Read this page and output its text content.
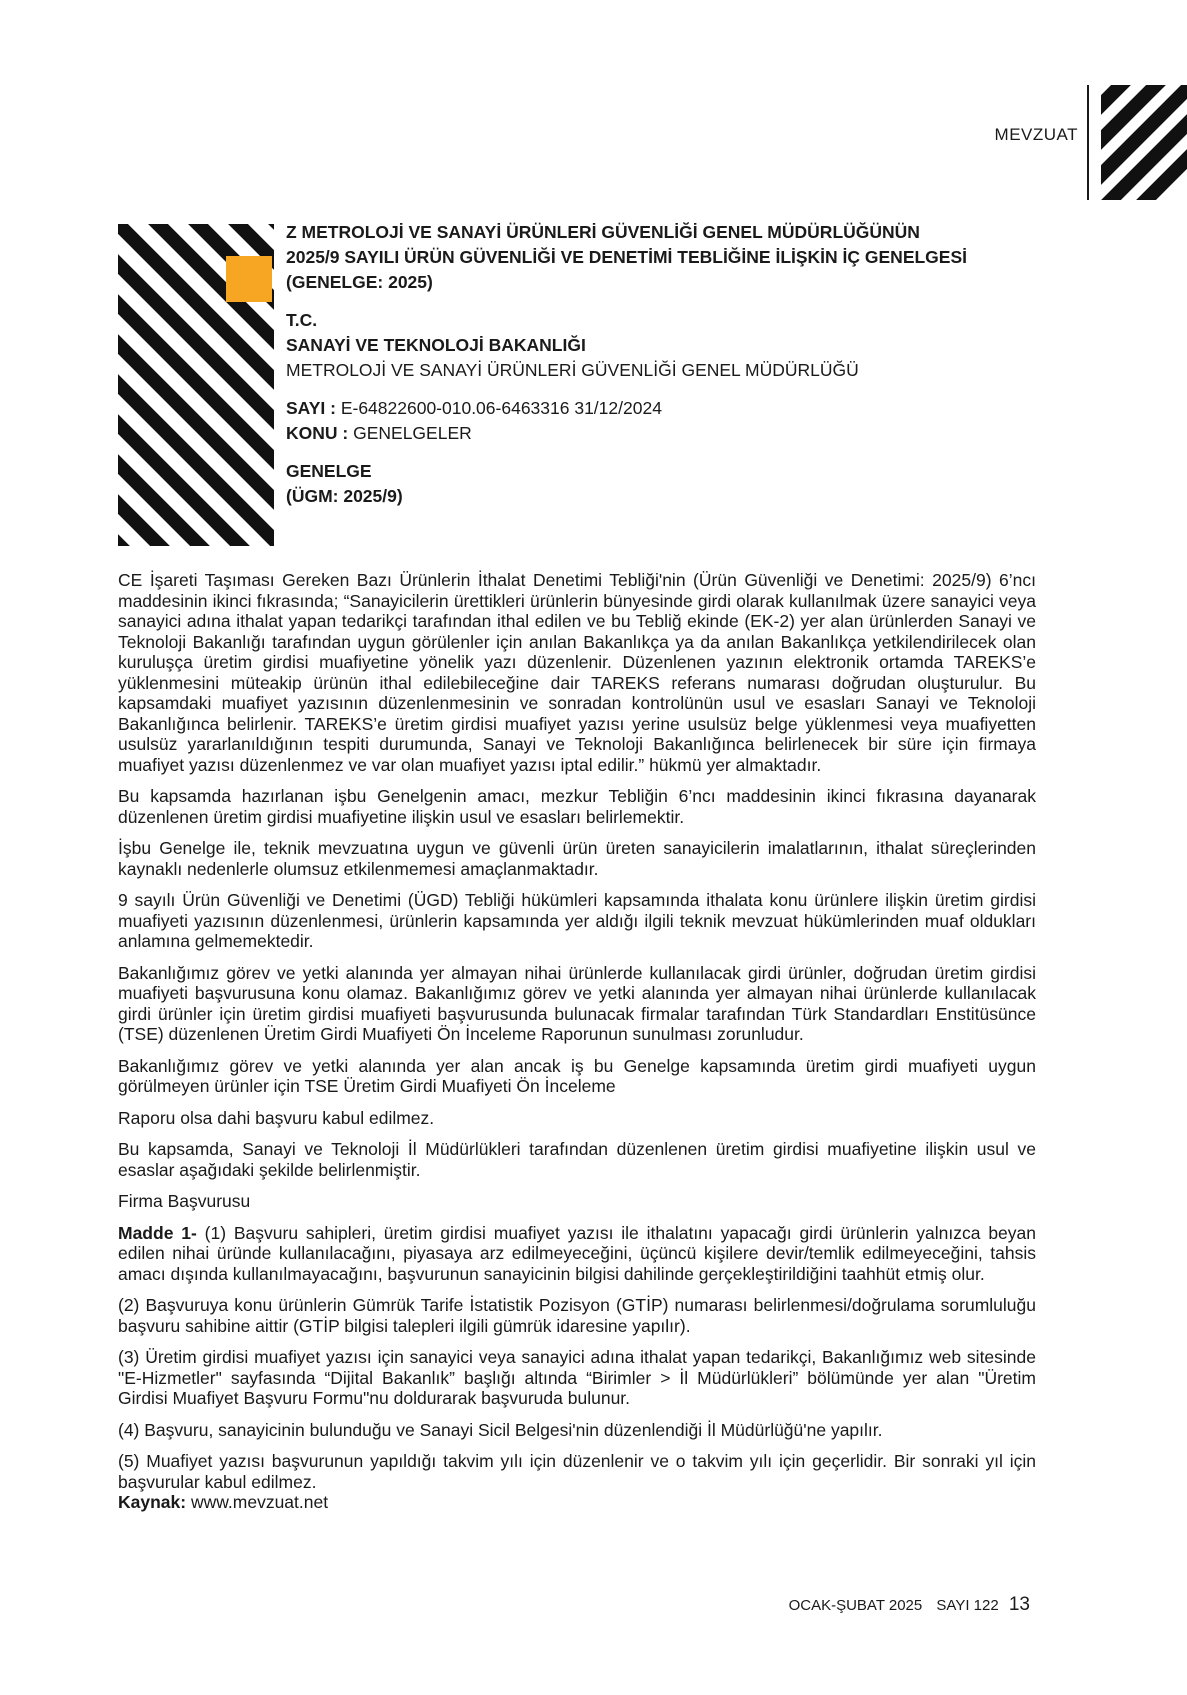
MEVZUAT

Z METROLOJİ VE SANAYİ ÜRÜNLERİ GÜVENLİĞİ GENEL MÜDÜRLÜĞÜNÜN

2025/9 SAYILI ÜRÜN GÜVENLİĞİ VE DENETİMİ TEBLİĞİNE İLİŞKİN İÇ GENELGESİ

(GENELGE: 2025)

T.C.

SANAYİ VE TEKNOLOJİ BAKANLIĞI

METROLOJİ VE SANAYİ ÜRÜNLERİ GÜVENLİĞİ GENEL MÜDÜRLÜĞÜ

SAYI : E-64822600-010.06-6463316 31/12/2024

KONU : GENELGELER

GENELGE

(ÜGM: 2025/9)

CE İşareti Taşıması Gereken Bazı Ürünlerin İthalat Denetimi Tebliği'nin (Ürün Güvenliği ve Denetimi: 2025/9) 6’ncı maddesinin ikinci fıkrasında; “Sanayicilerin ürettikleri ürünlerin bünyesinde girdi olarak kullanılmak üzere sanayici veya sanayici adına ithalat yapan tedarikçi tarafından ithal edilen ve bu Tebliğ ekinde (EK-2) yer alan ürünlerden Sanayi ve Teknoloji Bakanlığı tarafından uygun görülenler için anılan Bakanlıkça ya da anılan Bakanlıkça yetkilendirilecek olan kuruluşça üretim girdisi muafiyetine yönelik yazı düzenlenir. Düzenlenen yazının elektronik ortamda TAREKS’e yüklenmesini müteakip ürünün ithal edilebileceğine dair TAREKS referans numarası doğrudan oluşturulur. Bu kapsamdaki muafiyet yazısının düzenlenmesinin ve sonradan kontrolünün usul ve esasları Sanayi ve Teknoloji Bakanlığınca belirlenir. TAREKS’e üretim girdisi muafiyet yazısı yerine usulsüz belge yüklenmesi veya muafiyetten usulsüz yararlanıldığının tespiti durumunda, Sanayi ve Teknoloji Bakanlığınca belirlenecek bir süre için firmaya muafiyet yazısı düzenlenmez ve var olan muafiyet yazısı iptal edilir.” hükmü yer almaktadır.

Bu kapsamda hazırlanan işbu Genelgenin amacı, mezkur Tebliğin 6’ncı maddesinin ikinci fıkrasına dayanarak düzenlenen üretim girdisi muafiyetine ilişkin usul ve esasları belirlemektir.

İşbu Genelge ile, teknik mevzuatına uygun ve güvenli ürün üreten sanayicilerin imalatlarının, ithalat süreçlerinden kaynaklı nedenlerle olumsuz etkilenmemesi amaçlanmaktadır.

9 sayılı Ürün Güvenliği ve Denetimi (ÜGD) Tebliği hükümleri kapsamında ithalata konu ürünlere ilişkin üretim girdisi muafiyeti yazısının düzenlenmesi, ürünlerin kapsamında yer aldığı ilgili teknik mevzuat hükümlerinden muaf oldukları anlamına gelmemektedir.

Bakanlığımız görev ve yetki alanında yer almayan nihai ürünlerde kullanılacak girdi ürünler, doğrudan üretim girdisi muafiyeti başvurusuna konu olamaz. Bakanlığımız görev ve yetki alanında yer almayan nihai ürünlerde kullanılacak girdi ürünler için üretim girdisi muafiyeti başvurusunda bulunacak firmalar tarafından Türk Standardları Enstitüsünce (TSE) düzenlenen Üretim Girdi Muafiyeti Ön İnceleme Raporunun sunulması zorunludur.

Bakanlığımız görev ve yetki alanında yer alan ancak iş bu Genelge kapsamında üretim girdi muafiyeti uygun görülmeyen ürünler için TSE Üretim Girdi Muafiyeti Ön İnceleme

Raporu olsa dahi başvuru kabul edilmez.

Bu kapsamda, Sanayi ve Teknoloji İl Müdürlükleri tarafından düzenlenen üretim girdisi muafiyetine ilişkin usul ve esaslar aşağıdaki şekilde belirlenmiştir.

Firma Başvurusu

Madde 1- (1) Başvuru sahipleri, üretim girdisi muafiyet yazısı ile ithalatını yapacağı girdi ürünlerin yalnızca beyan edilen nihai üründe kullanılacağını, piyasaya arz edilmeyeceğini, üçüncü kişilere devir/temlik edilmeyeceğini, tahsis amacı dışında kullanılmayacağını, başvurunun sanayicinin bilgisi dahilinde gerçekleştirildiğini taahhüt etmiş olur.

(2) Başvuruya konu ürünlerin Gümrük Tarife İstatistik Pozisyon (GTİP) numarası belirlenmesi/doğrulama sorumluluğu başvuru sahibine aittir (GTİP bilgisi talepleri ilgili gümrük idaresine yapılır).

(3) Üretim girdisi muafiyet yazısı için sanayici veya sanayici adına ithalat yapan tedarikçi, Bakanlığımız web sitesinde "E-Hizmetler" sayfasında “Dijital Bakanlık” başlığı altında “Birimler > İl Müdürlükleri” bölümünde yer alan "Üretim Girdisi Muafiyet Başvuru Formu"nu doldurarak başvuruda bulunur.

(4) Başvuru, sanayicinin bulunduğu ve Sanayi Sicil Belgesi'nin düzenlendiği İl Müdürlüğü'ne yapılır.

(5) Muafiyet yazısı başvurunun yapıldığı takvim yılı için düzenlenir ve o takvim yılı için geçerlidir. Bir sonraki yıl için başvurular kabul edilmez.

Kaynak: www.mevzuat.net

OCAK-ŞUBAT 2025 SAYI 122 13
